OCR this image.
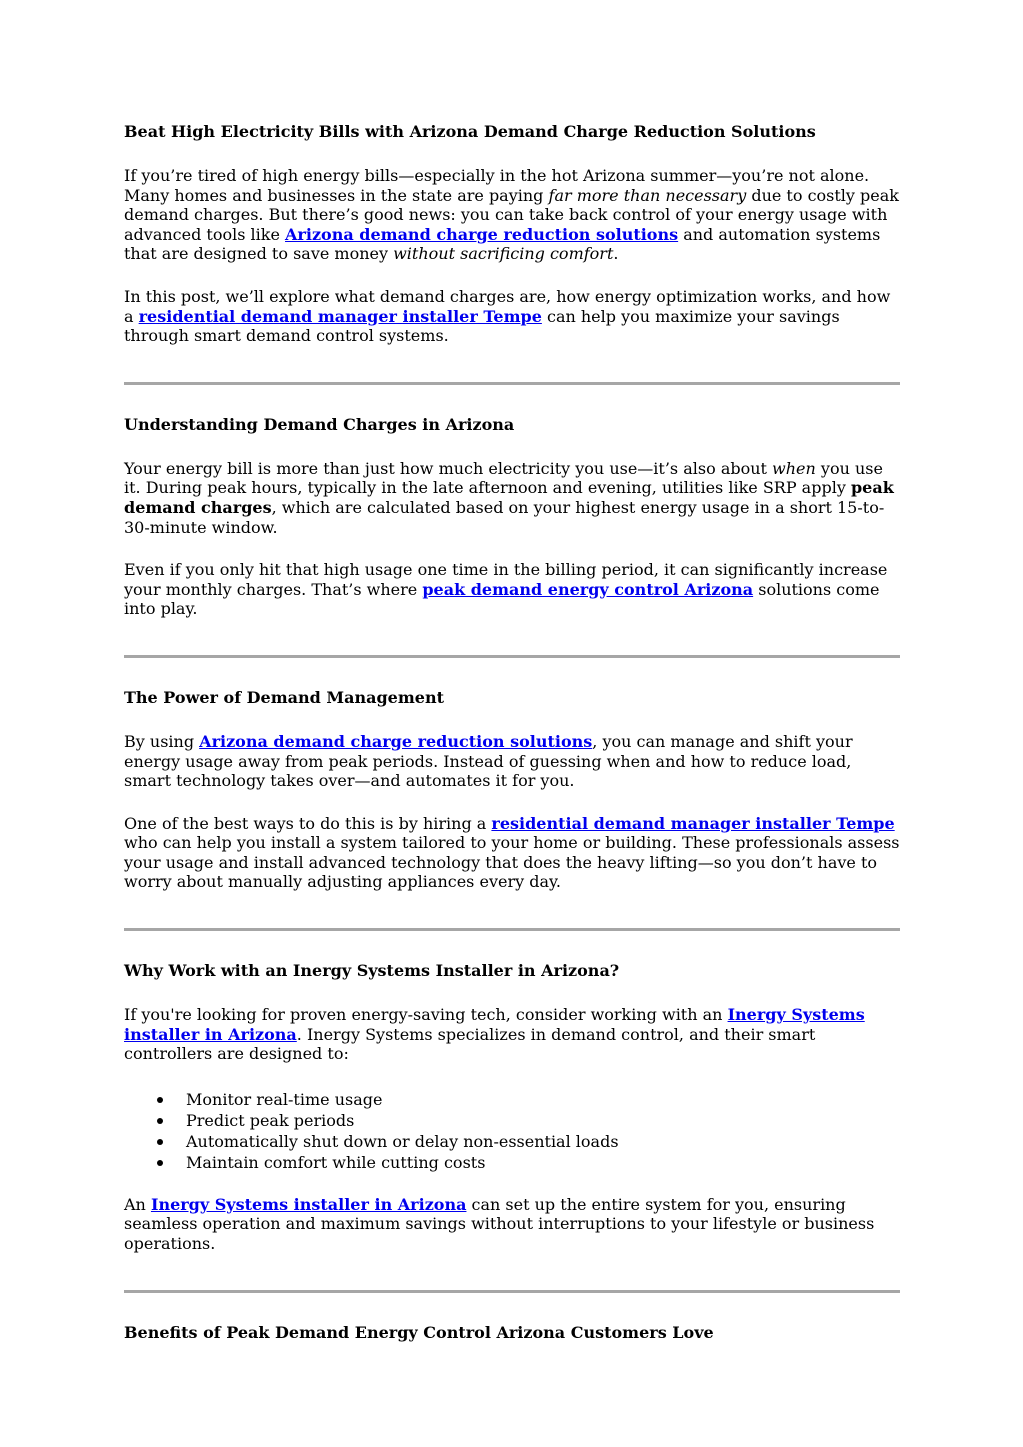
Beat High Electricity Bills with Arizona Demand Charge Reduction Solutions

If you’re tired of high energy bills—especially in the hot Arizona summer—you’re not alone. Many homes and businesses in the state are paying far more than necessary due to costly peak demand charges. But there’s good news: you can take back control of your energy usage with advanced tools like Arizona demand charge reduction solutions and automation systems that are designed to save money without sacrificing comfort.

In this post, we’ll explore what demand charges are, how energy optimization works, and how a residential demand manager installer Tempe can help you maximize your savings through smart demand control systems.

Understanding Demand Charges in Arizona

Your energy bill is more than just how much electricity you use—it’s also about when you use it. During peak hours, typically in the late afternoon and evening, utilities like SRP apply peak demand charges, which are calculated based on your highest energy usage in a short 15-to-30-minute window.

Even if you only hit that high usage one time in the billing period, it can significantly increase your monthly charges. That’s where peak demand energy control Arizona solutions come into play.

The Power of Demand Management

By using Arizona demand charge reduction solutions, you can manage and shift your energy usage away from peak periods. Instead of guessing when and how to reduce load, smart technology takes over—and automates it for you.

One of the best ways to do this is by hiring a residential demand manager installer Tempe who can help you install a system tailored to your home or building. These professionals assess your usage and install advanced technology that does the heavy lifting—so you don’t have to worry about manually adjusting appliances every day.

Why Work with an Inergy Systems Installer in Arizona?

If you're looking for proven energy-saving tech, consider working with an Inergy Systems installer in Arizona. Inergy Systems specializes in demand control, and their smart controllers are designed to:

Monitor real-time usage
Predict peak periods
Automatically shut down or delay non-essential loads
Maintain comfort while cutting costs

An Inergy Systems installer in Arizona can set up the entire system for you, ensuring seamless operation and maximum savings without interruptions to your lifestyle or business operations.

Benefits of Peak Demand Energy Control Arizona Customers Love
